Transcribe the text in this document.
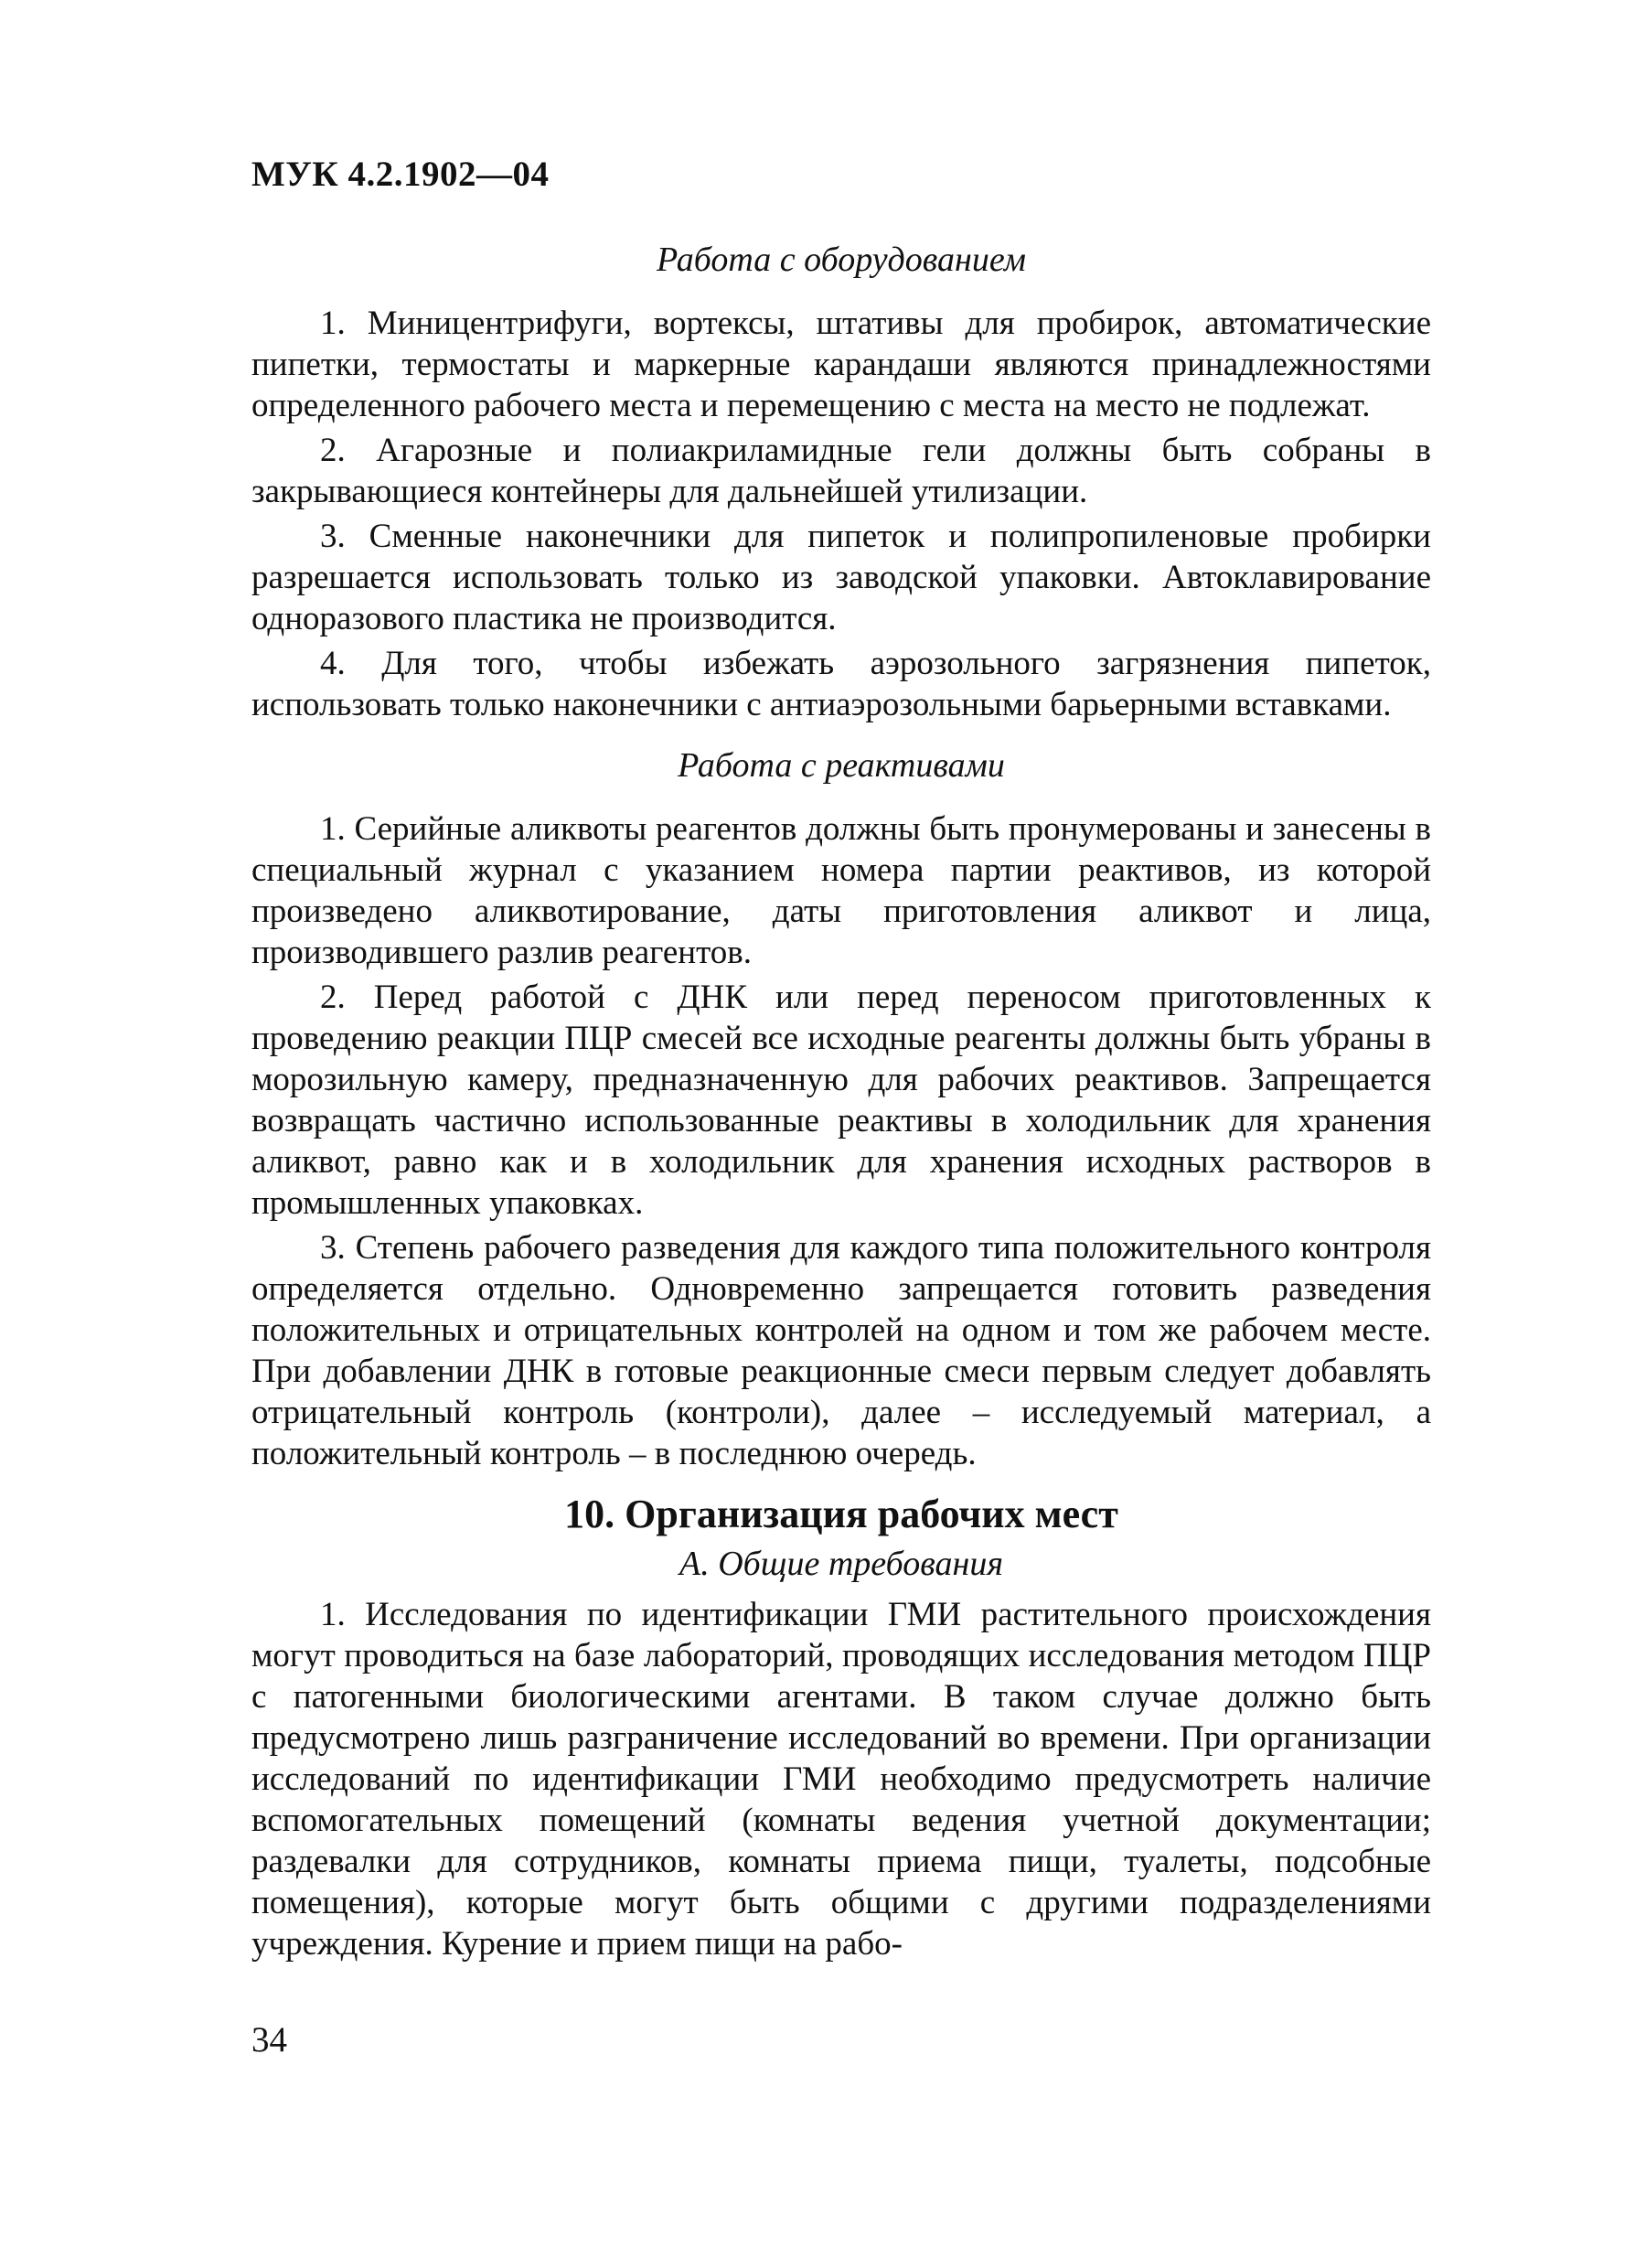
МУК 4.2.1902—04

Работа с оборудованием

1. Миницентрифуги, вортексы, штативы для пробирок, автоматические пипетки, термостаты и маркерные карандаши являются принадлежностями определенного рабочего места и перемещению с места на место не подлежат.

2. Агарозные и полиакриламидные гели должны быть собраны в закрывающиеся контейнеры для дальнейшей утилизации.

3. Сменные наконечники для пипеток и полипропиленовые пробирки разрешается использовать только из заводской упаковки. Автоклавирование одноразового пластика не производится.

4. Для того, чтобы избежать аэрозольного загрязнения пипеток, использовать только наконечники с антиаэрозольными барьерными вставками.

Работа с реактивами

1. Серийные аликвоты реагентов должны быть пронумерованы и занесены в специальный журнал с указанием номера партии реактивов, из которой произведено аликвотирование, даты приготовления аликвот и лица, производившего разлив реагентов.

2. Перед работой с ДНК или перед переносом приготовленных к проведению реакции ПЦР смесей все исходные реагенты должны быть убраны в морозильную камеру, предназначенную для рабочих реактивов. Запрещается возвращать частично использованные реактивы в холодильник для хранения аликвот, равно как и в холодильник для хранения исходных растворов в промышленных упаковках.

3. Степень рабочего разведения для каждого типа положительного контроля определяется отдельно. Одновременно запрещается готовить разведения положительных и отрицательных контролей на одном и том же рабочем месте. При добавлении ДНК в готовые реакционные смеси первым следует добавлять отрицательный контроль (контроли), далее – исследуемый материал, а положительный контроль – в последнюю очередь.

10. Организация рабочих мест

А. Общие требования

1. Исследования по идентификации ГМИ растительного происхождения могут проводиться на базе лабораторий, проводящих исследования методом ПЦР с патогенными биологическими агентами. В таком случае должно быть предусмотрено лишь разграничение исследований во времени. При организации исследований по идентификации ГМИ необходимо предусмотреть наличие вспомогательных помещений (комнаты ведения учетной документации; раздевалки для сотрудников, комнаты приема пищи, туалеты, подсобные помещения), которые могут быть общими с другими подразделениями учреждения. Курение и прием пищи на рабо-

34
